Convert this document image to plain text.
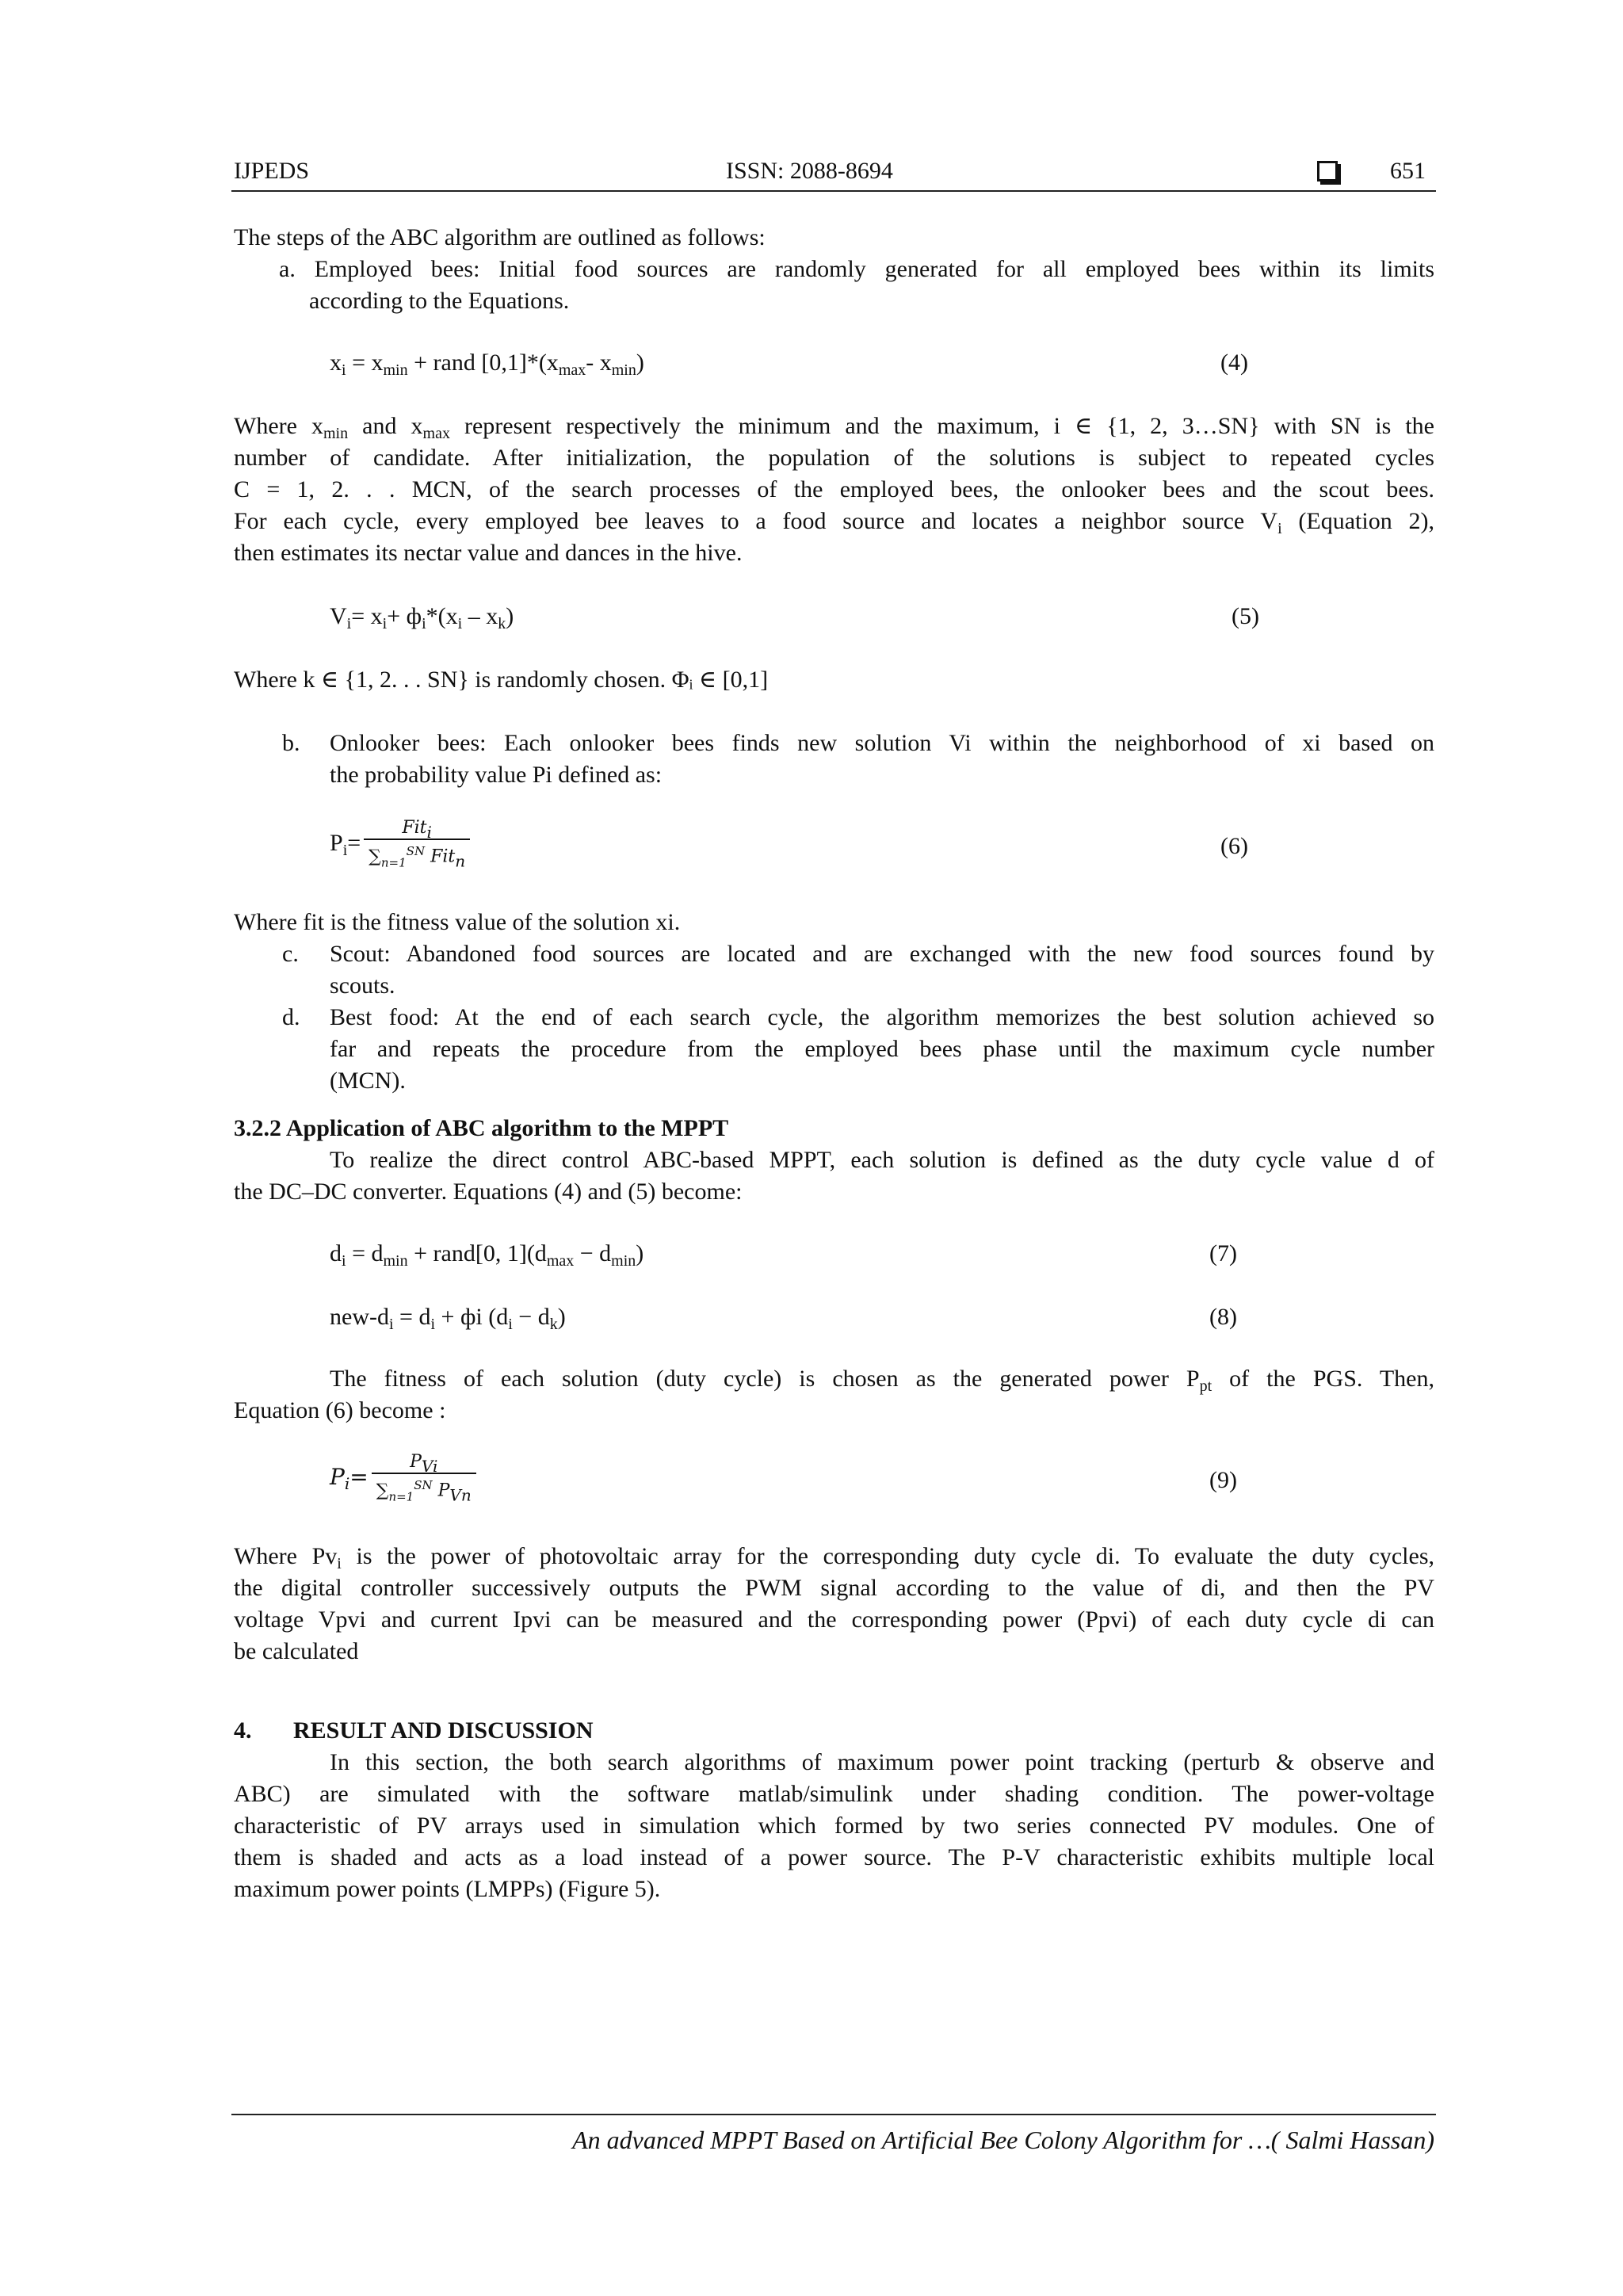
IJPEDS	ISSN: 2088-8694	651
The steps of the ABC algorithm are outlined as follows:
a. Employed bees: Initial food sources are randomly generated for all employed bees within its limits
according to the Equations.
$x_i = x_{min}$ + rand $[0,1]*(x_{max}-$ $x_{min}$)	(4)
Where $x_{min}$ and $x_{max}$ represent respectively the minimum and the maximum, i ∈ {1, 2, 3…SN} with SN is the
number of candidate. After initialization, the population of the solutions is subject to repeated cycles
C = 1, 2. . . MCN, of the search processes of the employed bees, the onlooker bees and the scout bees.
For each cycle, every employed bee leaves to a food source and locates a neighbor source $V_i$ (Equation 2),
then estimates its nectar value and dances in the hive.
$V_i= x_i+ ф_i*(x_i - x_k)$	(5)
Where k ∈ {1, 2. . . SN} is randomly chosen. Φᵢ ∈ [0,1]
b. Onlooker bees: Each onlooker bees finds new solution Vi within the neighborhood of xi based on
the probability value Pi defined as:
$P_i= \frac{Fit_i}{\sum_{n=1}^{SN} Fit_n}$	(6)
Where fit is the fitness value of the solution xi.
c. Scout: Abandoned food sources are located and are exchanged with the new food sources found by
scouts.
d. Best food: At the end of each search cycle, the algorithm memorizes the best solution achieved so
far and repeats the procedure from the employed bees phase until the maximum cycle number
(MCN).
3.2.2 Application of ABC algorithm to the MPPT
To realize the direct control ABC-based MPPT, each solution is defined as the duty cycle value d of
the DC–DC converter. Equations (4) and (5) become:
$d_i = d_{min}$ + rand[0, $1](d_{max} - d_{min})$	(7)
new-$d_i = d_i$ + фi $(d_i - d_k)$	(8)
The fitness of each solution (duty cycle) is chosen as the generated power $P_{pt}$ of the PGS. Then,
Equation (6) become :
$P_i= \frac{P_{Vi}}{\sum_{n=1}^{SN} P_{Vn}}$	(9)
Where $Pv_i$ is the power of photovoltaic array for the corresponding duty cycle di. To evaluate the duty cycles,
the digital controller successively outputs the PWM signal according to the value of di, and then the PV
voltage Vpvi and current Ipvi can be measured and the corresponding power (Ppvi) of each duty cycle di can
be calculated
4. RESULT AND DISCUSSION
In this section, the both search algorithms of maximum power point tracking (perturb & observe and
ABC) are simulated with the software matlab/simulink under shading condition. The power-voltage
characteristic of PV arrays used in simulation which formed by two series connected PV modules. One of
them is shaded and acts as a load instead of a power source. The P-V characteristic exhibits multiple local
maximum power points (LMPPs) (Figure 5).
An advanced MPPT Based on Artificial Bee Colony Algorithm for …( Salmi Hassan)
